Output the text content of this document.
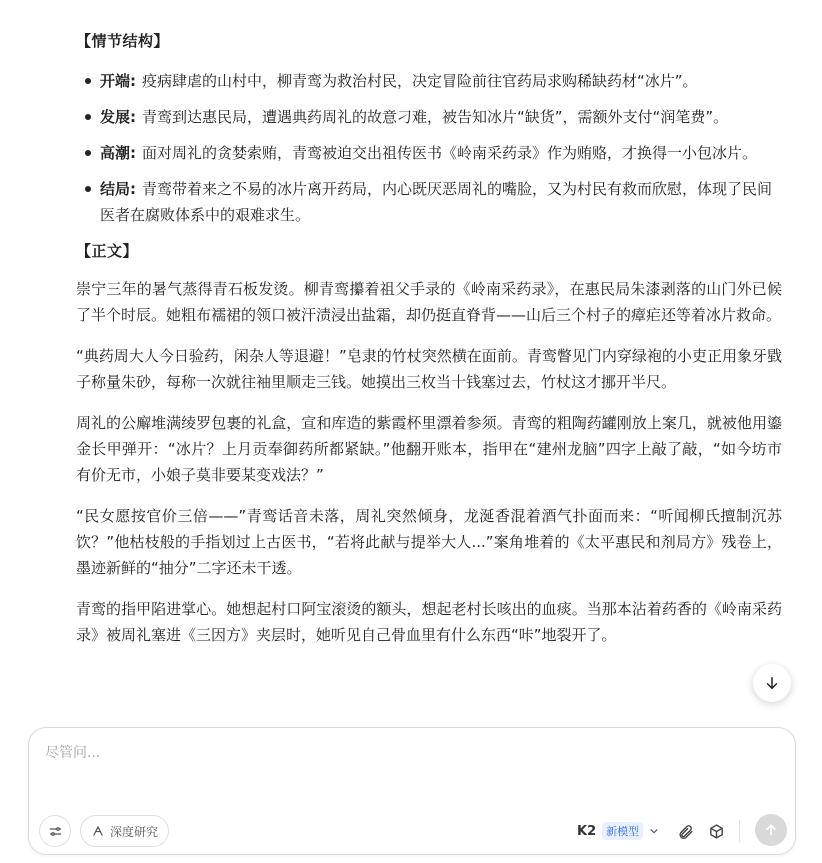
【情节结构】
开端: 疫病肆虐的山村中，柳青鸾为救治村民，决定冒险前往官药局求购稀缺药材“冰片”。
发展: 青鸾到达惠民局，遭遇典药周礼的故意刁难，被告知冰片“缺货”，需额外支付“润笔费”。
高潮: 面对周礼的贪婪索贿，青鸾被迫交出祖传医书《岭南采药录》作为贿赂，才换得一小包冰片。
结局: 青鸾带着来之不易的冰片离开药局，内心既厌恶周礼的嘴脸，又为村民有救而欣慰，体现了民间医者在腐败体系中的艰难求生。
【正文】

崇宁三年的暑气蒸得青石板发烫。柳青鸾攥着祖父手录的《岭南采药录》，在惠民局朱漆剥落的山门外已候了半个时辰。她粗布襦裙的领口被汗渍浸出盐霜，却仍挺直脊背——山后三个村子的瘴疟还等着冰片救命。

“典药周大人今日验药，闲杂人等退避！”皂隶的竹杖突然横在面前。青鸾瞥见门内穿绿袍的小吏正用象牙戥子称量朱砂，每称一次就往袖里顺走三钱。她摸出三枚当十钱塞过去，竹杖这才挪开半尺。

周礼的公廨堆满绫罗包裹的礼盒，宣和库造的紫霞杯里漂着参须。青鸾的粗陶药罐刚放上案几，就被他用鎏金长甲弹开：“冰片？上月贡奉御药所都紧缺。”他翻开账本，指甲在“建州龙脑”四字上敲了敲，“如今坊市有价无市，小娘子莫非要某变戏法？”

“民女愿按官价三倍——”青鸾话音未落，周礼突然倾身，龙涎香混着酒气扑面而来：“听闻柳氏擅制沉苏饮？”他枯枝般的手指划过上古医书，“若将此献与提举大人...”案角堆着的《太平惠民和剂局方》残卷上，墨迹新鲜的“抽分”二字还未干透。

青鸾的指甲陷进掌心。她想起村口阿宝滚烫的额头，想起老村长咳出的血痰。当那本沾着药香的《岭南采药录》被周礼塞进《三因方》夹层时，她听见自己骨血里有什么东西“咔”地裂开了。

尽管问...
深度研究	K2 新模型
